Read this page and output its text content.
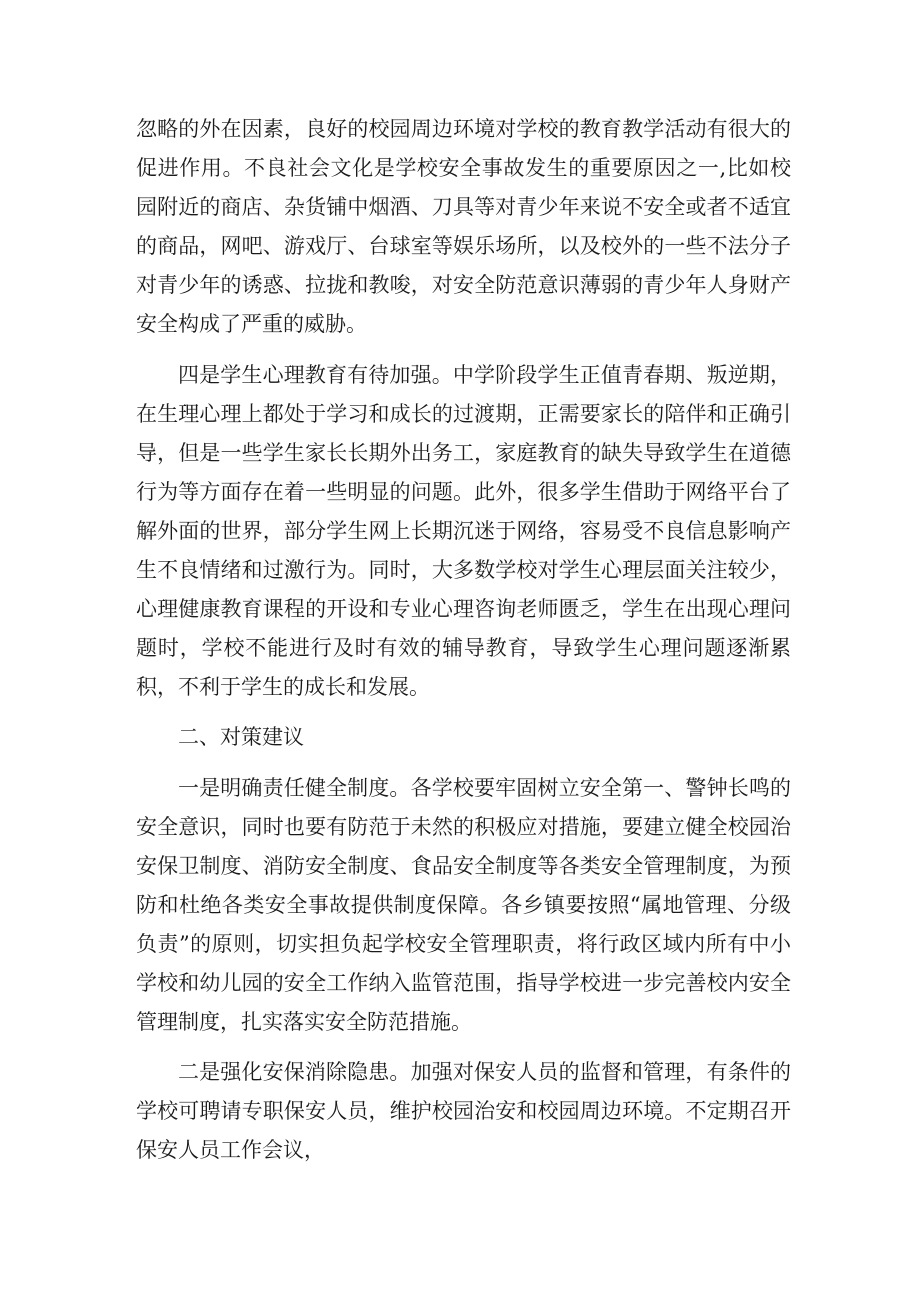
忽略的外在因素，良好的校园周边环境对学校的教育教学活动有很大的促进作用。不良社会文化是学校安全事故发生的重要原因之一,比如校园附近的商店、杂货铺中烟酒、刀具等对青少年来说不安全或者不适宜的商品，网吧、游戏厅、台球室等娱乐场所，以及校外的一些不法分子对青少年的诱惑、拉拢和教唆，对安全防范意识薄弱的青少年人身财产安全构成了严重的威胁。

四是学生心理教育有待加强。中学阶段学生正值青春期、叛逆期，在生理心理上都处于学习和成长的过渡期，正需要家长的陪伴和正确引导，但是一些学生家长长期外出务工，家庭教育的缺失导致学生在道德行为等方面存在着一些明显的问题。此外，很多学生借助于网络平台了解外面的世界，部分学生网上长期沉迷于网络，容易受不良信息影响产生不良情绪和过激行为。同时，大多数学校对学生心理层面关注较少，心理健康教育课程的开设和专业心理咨询老师匮乏，学生在出现心理问题时，学校不能进行及时有效的辅导教育，导致学生心理问题逐渐累积，不利于学生的成长和发展。

二、对策建议

一是明确责任健全制度。各学校要牢固树立安全第一、警钟长鸣的安全意识，同时也要有防范于未然的积极应对措施，要建立健全校园治安保卫制度、消防安全制度、食品安全制度等各类安全管理制度，为预防和杜绝各类安全事故提供制度保障。各乡镇要按照“属地管理、分级负责”的原则，切实担负起学校安全管理职责，将行政区域内所有中小学校和幼儿园的安全工作纳入监管范围，指导学校进一步完善校内安全管理制度，扎实落实安全防范措施。

二是强化安保消除隐患。加强对保安人员的监督和管理，有条件的学校可聘请专职保安人员，维护校园治安和校园周边环境。不定期召开保安人员工作会议，
